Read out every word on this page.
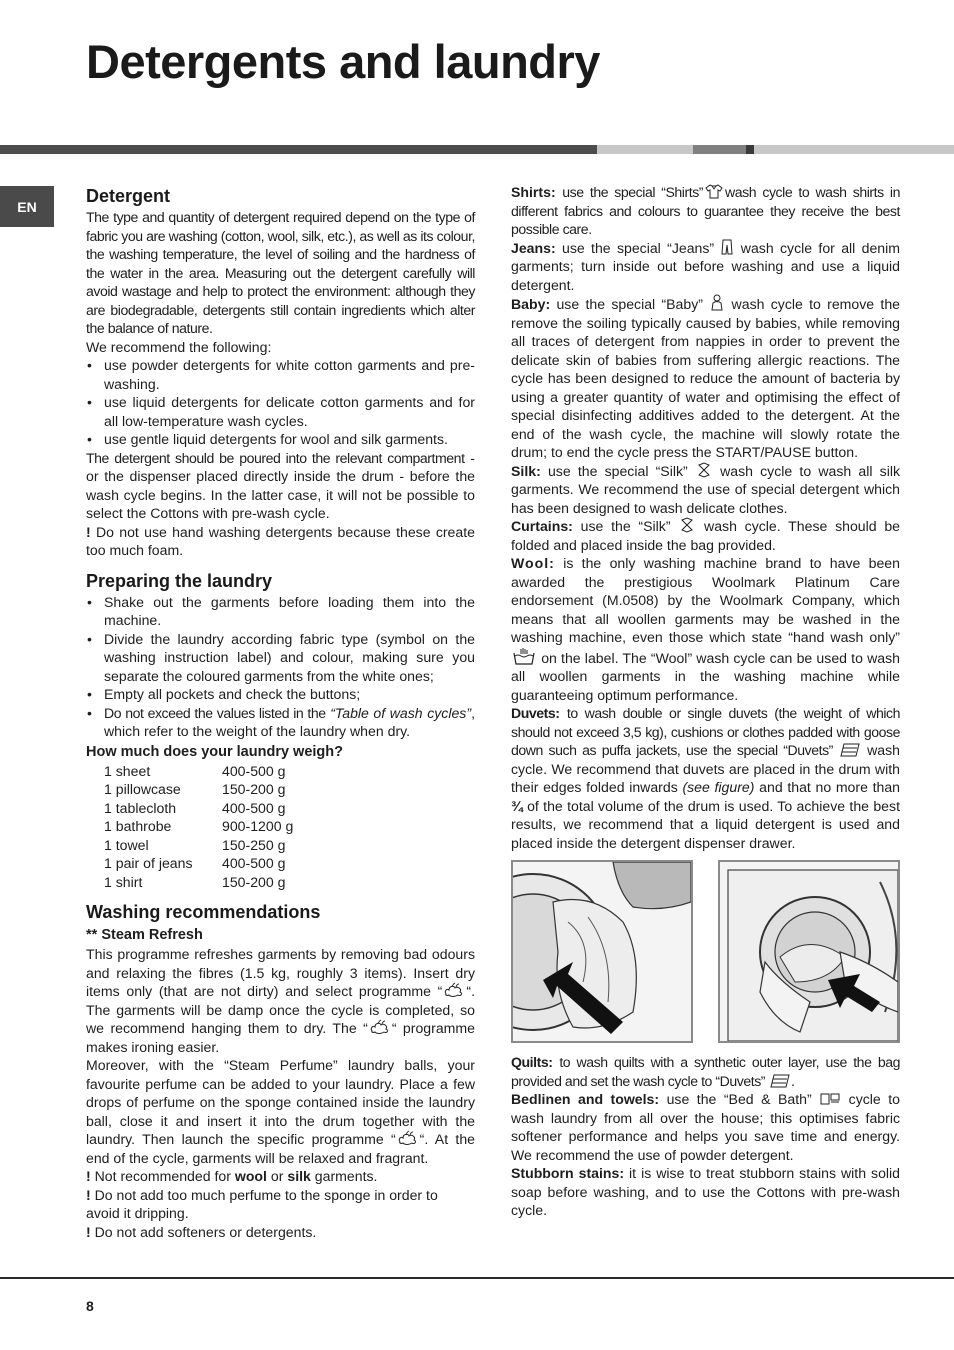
Detergents and laundry
EN
Detergent

The type and quantity of detergent required depend on the type of fabric you are washing (cotton, wool, silk, etc.), as well as its colour, the washing temperature, the level of soiling and the hardness of the water in the area. Measuring out the detergent carefully will avoid wastage and help to protect the environment: although they are biodegradable, detergents still contain ingredients which alter the balance of nature.

We recommend the following:

• use powder detergents for white cotton garments and pre-washing.
• use liquid detergents for delicate cotton garments and for all low-temperature wash cycles.
• use gentle liquid detergents for wool and silk garments.

The detergent should be poured into the relevant compartment - or the dispenser placed directly inside the drum - before the wash cycle begins. In the latter case, it will not be possible to select the Cottons with pre-wash cycle.

! Do not use hand washing detergents because these create too much foam.

Preparing the laundry
• Shake out the garments before loading them into the machine.
• Divide the laundry according fabric type (symbol on the washing instruction label) and colour, making sure you separate the coloured garments from the white ones;
• Empty all pockets and check the buttons;
• Do not exceed the values listed in the “Table of wash cycles”, which refer to the weight of the laundry when dry.
How much does your laundry weigh?
1 sheet	400-500 g
1 pillowcase	150-200 g
1 tablecloth	400-500 g
1 bathrobe	900-1200 g
1 towel	150-250 g
1 pair of jeans	400-500 g
1 shirt	150-200 g
Washing recommendations
** Steam Refresh

This programme refreshes garments by removing bad odours and relaxing the fibres (1.5 kg, roughly 3 items). Insert dry items only (that are not dirty) and select programme “ “. The garments will be damp once the cycle is completed, so we recommend hanging them to dry. The “ “ programme makes ironing easier.

Moreover, with the “Steam Perfume” laundry balls, your favourite perfume can be added to your laundry. Place a few drops of perfume on the sponge contained inside the laundry ball, close it and insert it into the drum together with the laundry. Then launch the specific programme “ “. At the end of the cycle, garments will be relaxed and fragrant.

! Not recommended for wool or silk garments.

! Do not add too much perfume to the sponge in order to avoid it dripping.

! Do not add softeners or detergents.

Shirts: use the special “Shirts” wash cycle to wash shirts in different fabrics and colours to guarantee they receive the best possible care.

Jeans: use the special “Jeans” wash cycle for all denim garments; turn inside out before washing and use a liquid detergent.

Baby: use the special “Baby” wash cycle to remove the remove the soiling typically caused by babies, while removing all traces of detergent from nappies in order to prevent the delicate skin of babies from suffering allergic reactions. The cycle has been designed to reduce the amount of bacteria by using a greater quantity of water and optimising the effect of special disinfecting additives added to the detergent. At the end of the wash cycle, the machine will slowly rotate the drum; to end the cycle press the START/PAUSE button.

Silk: use the special “Silk” wash cycle to wash all silk garments. We recommend the use of special detergent which has been designed to wash delicate clothes.

Curtains: use the “Silk” wash cycle. These should be folded and placed inside the bag provided.

Wool: is the only washing machine brand to have been awarded the prestigious Woolmark Platinum Care endorsement (M.0508) by the Woolmark Company, which means that all woollen garments may be washed in the washing machine, even those which state “hand wash only”  on the label. The “Wool” wash cycle can be used to wash all woollen garments in the washing machine while guaranteeing optimum performance.

Duvets: to wash double or single duvets (the weight of which should not exceed 3,5 kg), cushions or clothes padded with goose down such as puffa jackets, use the special “Duvets” wash cycle. We recommend that duvets are placed in the drum with their edges folded inwards (see figure) and that no more than ¾ of the total volume of the drum is used. To achieve the best results, we recommend that a liquid detergent is used and placed inside the detergent dispenser drawer.

Quilts: to wash quilts with a synthetic outer layer, use the bag provided and set the wash cycle to “Duvets” .

Bedlinen and towels: use the “Bed & Bath”	cycle to wash laundry from all over the house; this optimises fabric softener performance and helps you save time and energy. We recommend the use of powder detergent.

Stubborn stains: it is wise to treat stubborn stains with solid soap before washing, and to use the Cottons with pre-wash cycle.

8
